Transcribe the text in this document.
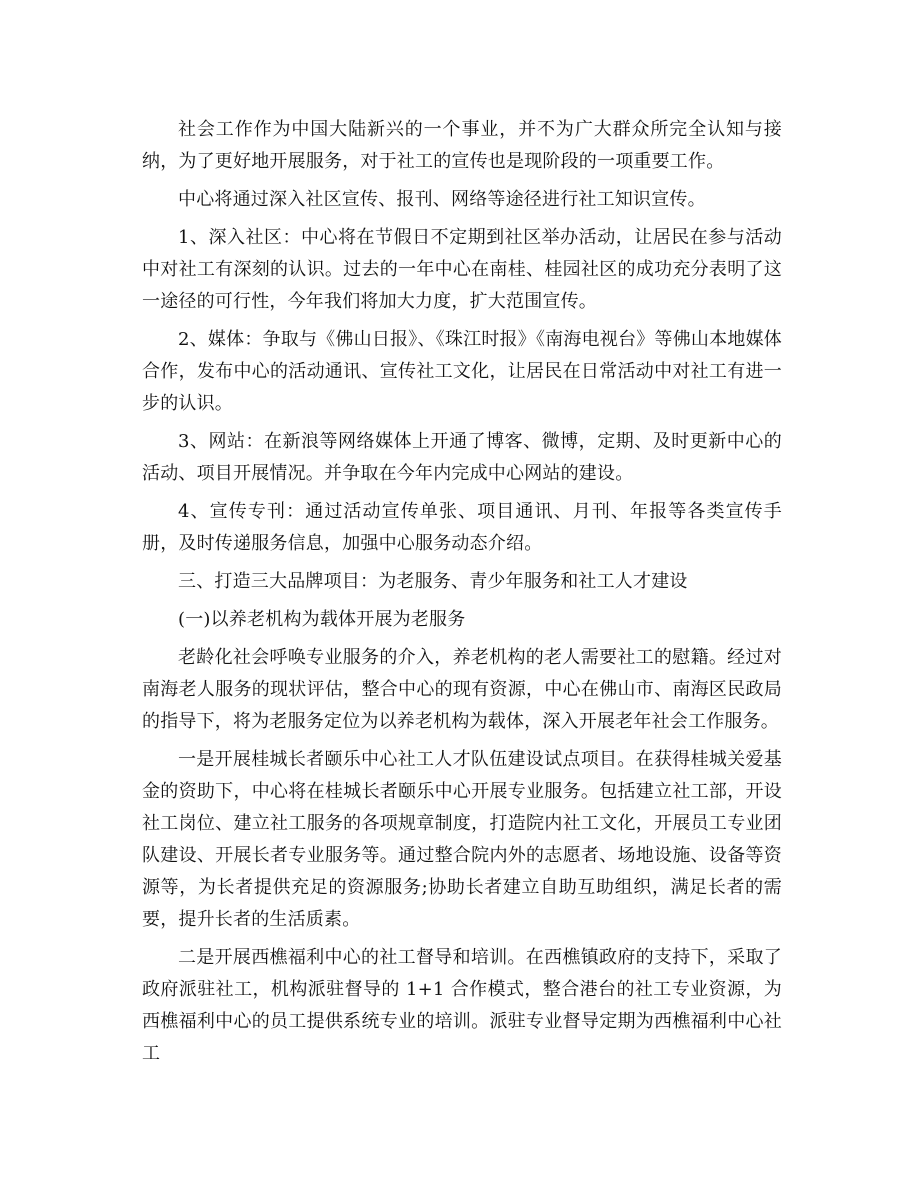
社会工作作为中国大陆新兴的一个事业，并不为广大群众所完全认知与接纳，为了更好地开展服务，对于社工的宣传也是现阶段的一项重要工作。

中心将通过深入社区宣传、报刊、网络等途径进行社工知识宣传。

1、深入社区：中心将在节假日不定期到社区举办活动，让居民在参与活动中对社工有深刻的认识。过去的一年中心在南桂、桂园社区的成功充分表明了这一途径的可行性，今年我们将加大力度，扩大范围宣传。

2、媒体：争取与《佛山日报》、《珠江时报》《南海电视台》等佛山本地媒体合作，发布中心的活动通讯、宣传社工文化，让居民在日常活动中对社工有进一步的认识。

3、网站：在新浪等网络媒体上开通了博客、微博，定期、及时更新中心的活动、项目开展情况。并争取在今年内完成中心网站的建设。

4、宣传专刊：通过活动宣传单张、项目通讯、月刊、年报等各类宣传手册，及时传递服务信息，加强中心服务动态介绍。

三、打造三大品牌项目：为老服务、青少年服务和社工人才建设

(一)以养老机构为载体开展为老服务

老龄化社会呼唤专业服务的介入，养老机构的老人需要社工的慰籍。经过对南海老人服务的现状评估，整合中心的现有资源，中心在佛山市、南海区民政局的指导下，将为老服务定位为以养老机构为载体，深入开展老年社会工作服务。

一是开展桂城长者颐乐中心社工人才队伍建设试点项目。在获得桂城关爱基金的资助下，中心将在桂城长者颐乐中心开展专业服务。包括建立社工部，开设社工岗位、建立社工服务的各项规章制度，打造院内社工文化，开展员工专业团队建设、开展长者专业服务等。通过整合院内外的志愿者、场地设施、设备等资源等，为长者提供充足的资源服务;协助长者建立自助互助组织，满足长者的需要，提升长者的生活质素。

二是开展西樵福利中心的社工督导和培训。在西樵镇政府的支持下，采取了政府派驻社工，机构派驻督导的 1+1 合作模式，整合港台的社工专业资源，为西樵福利中心的员工提供系统专业的培训。派驻专业督导定期为西樵福利中心社工
